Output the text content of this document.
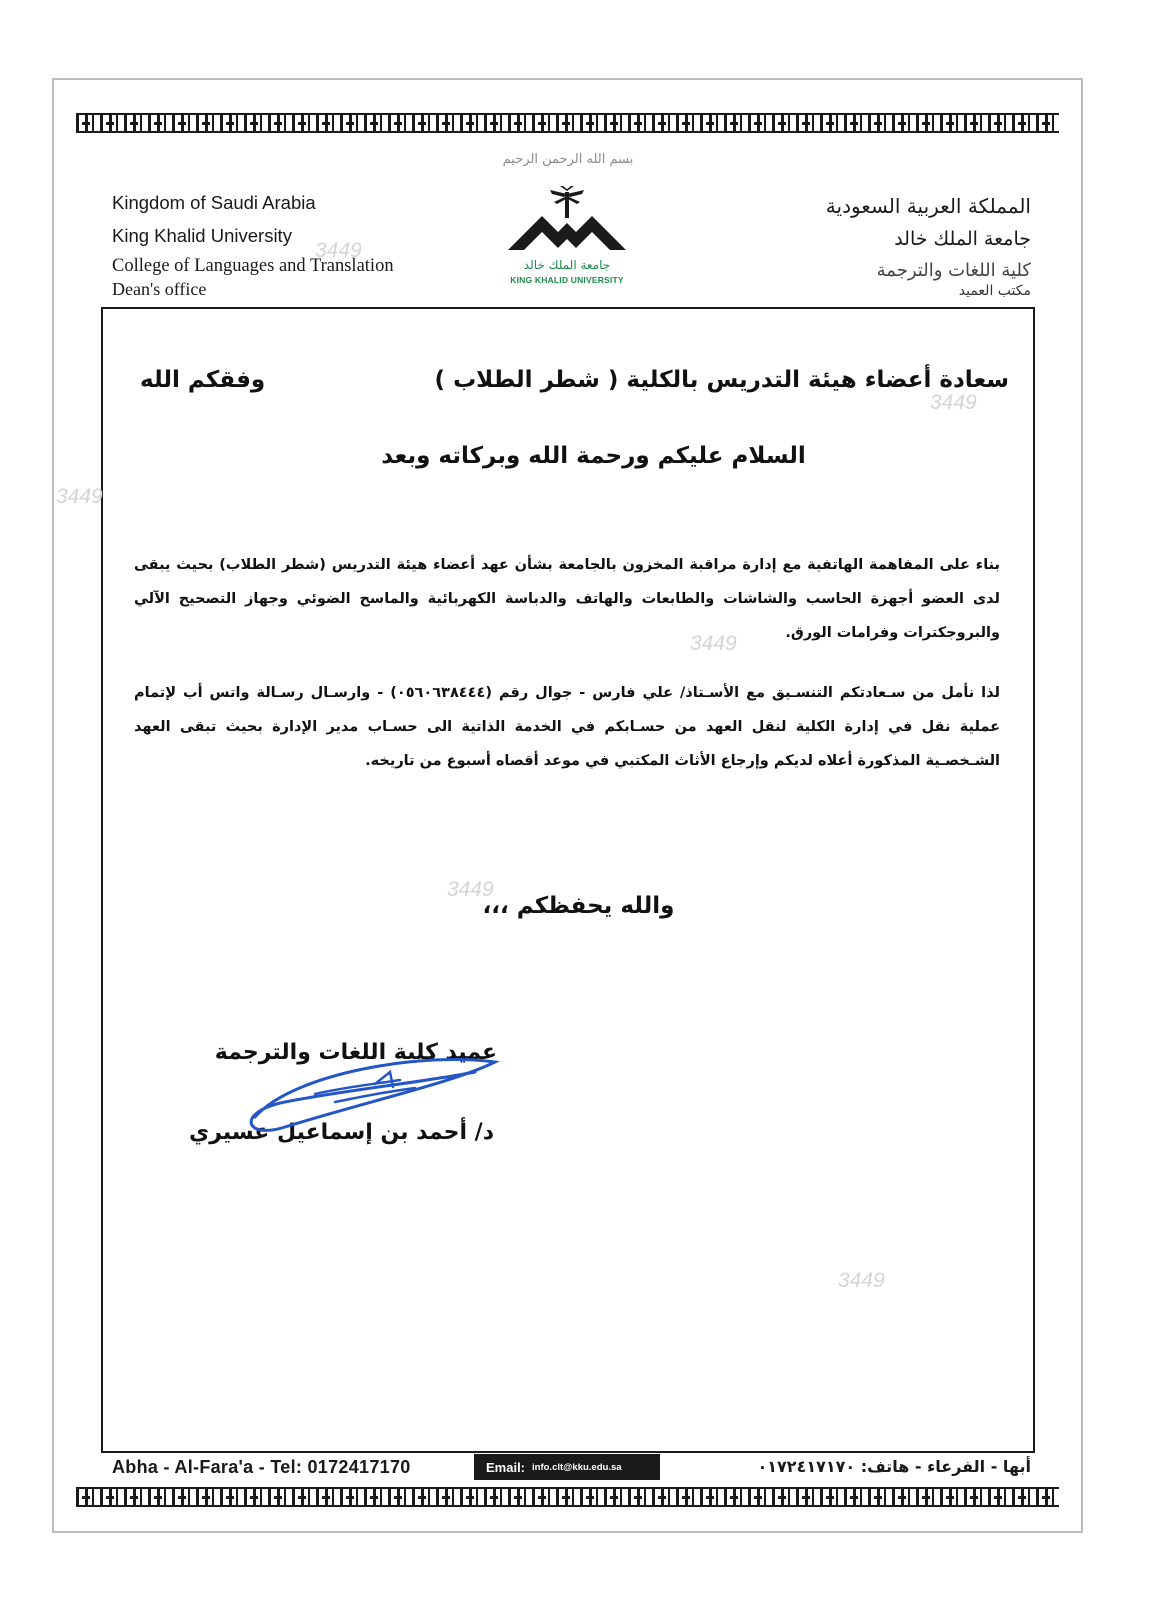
بسم الله الرحمن الرحيم
Kingdom of Saudi Arabia
King Khalid University
College of Languages and Translation
Dean's office
جامعة الملك خالد
KING KHALID UNIVERSITY
المملكة العربية السعودية
جامعة الملك خالد
كلية اللغات والترجمة
مكتب العميد
سعادة أعضاء هيئة التدريس بالكلية ( شطر الطلاب )
وفقكم الله
السلام عليكم ورحمة الله وبركاته وبعد
بناء على المفاهمة الهاتفية مع إدارة مراقبة المخزون بالجامعة بشأن عهد أعضاء هيئة التدريس (شطر الطلاب) بحيث يبقى لدى العضو أجهزة الحاسب والشاشات والطابعات والهاتف والدباسة الكهربائية والماسح الضوئي وجهاز التصحيح الآلي والبروجكترات وفرامات الورق.
لذا نأمل من سـعادتكم التنسـيق مع الأسـتاذ/ علي فارس - جوال رقم (٠٥٦٠٦٣٨٤٤٤) - وارسـال رسـالة واتس أب لإتمام عملية نقل في إدارة الكلية لنقل العهد من حسـابكم في الخدمة الذاتية الى حسـاب مدير الإدارة بحيث تبقى العهد الشـخصـية المذكورة أعلاه لديكم وإرجاع الأثاث المكتبي في موعد أقصاه أسبوع من تاريخه.
والله يحفظكم ،،،
عميد كلية اللغات والترجمة
د/ أحمد بن إسماعيل عسيري
3449
3449
3449
3449
3449
3449
Abha - Al-Fara'a - Tel: 0172417170	Email: info.clt@kku.edu.sa	أبها - الفرعاء - هاتف: ٠١٧٢٤١٧١٧٠
